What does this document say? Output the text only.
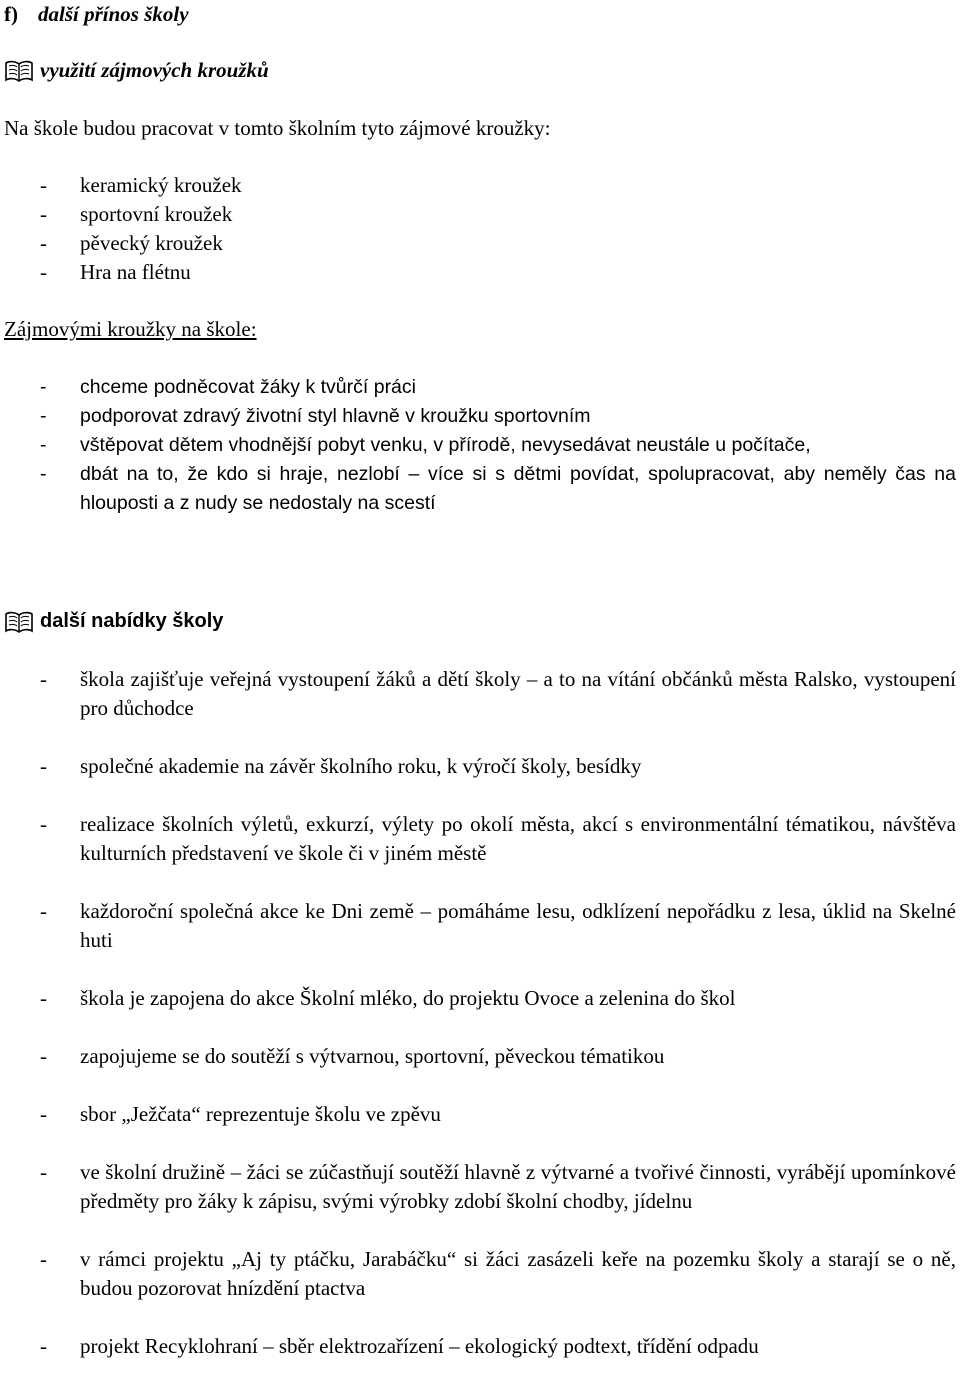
f) další přínos školy
využití zájmových kroužků
Na škole budou pracovat v tomto školním tyto zájmové kroužky:
- keramický kroužek
- sportovní kroužek
- pěvecký kroužek
- Hra na flétnu
Zájmovými kroužky na škole:
- chceme podněcovat žáky k tvůrčí práci
- podporovat zdravý životní styl hlavně v kroužku sportovním
- vštěpovat dětem vhodnější pobyt venku, v přírodě, nevysedávat neustále u počítače,
- dbát na to, že kdo si hraje, nezlobí – více si s dětmi povídat, spolupracovat, aby neměly čas na hlouposti a z nudy se nedostaly na scestí
další nabídky školy
- škola zajišťuje veřejná vystoupení žáků a dětí školy – a to na vítání občánků města Ralsko, vystoupení pro důchodce
- společné akademie na závěr školního roku, k výročí školy, besídky
- realizace školních výletů, exkurzí, výlety po okolí města, akcí s environmentální tématikou, návštěva kulturních představení ve škole či v jiném městě
- každoroční společná akce ke Dni země – pomáháme lesu, odklízení nepořádku z lesa, úklid na Skelné huti
- škola je zapojena do akce Školní mléko, do projektu Ovoce a zelenina do škol
- zapojujeme se do soutěží s výtvarnou, sportovní, pěveckou tématikou
- sbor „Ježčata“ reprezentuje školu ve zpěvu
- ve školní družině – žáci se zúčastňují soutěží hlavně z výtvarné a tvořivé činnosti, vyrábějí upomínkové předměty pro žáky k zápisu, svými výrobky zdobí školní chodby, jídelnu
- v rámci projektu „Aj ty ptáčku, Jarabáčku“ si žáci zasázeli keře na pozemku školy a starají se o ně, budou pozorovat hnízdění ptactva
- projekt Recyklohraní – sběr elektrozařízení – ekologický podtext, třídění odpadu
